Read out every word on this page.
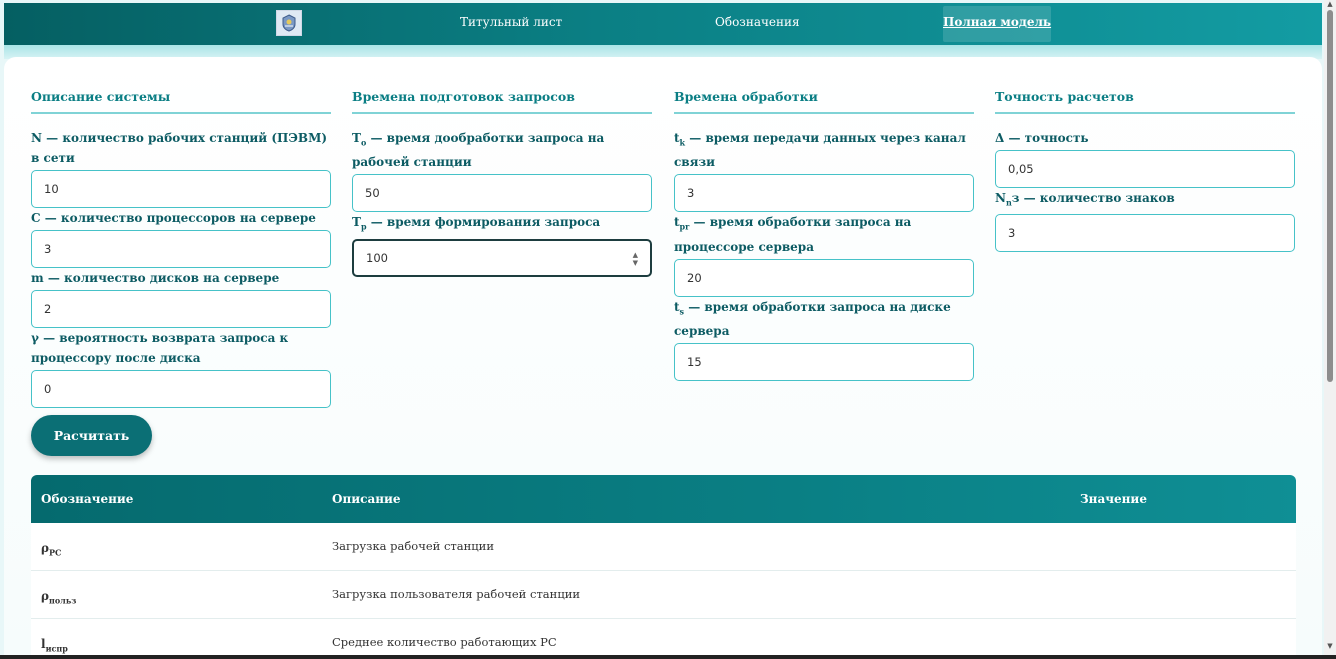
Титульный лист	Обозначения	Полная модель
Описание системы
N — количество рабочих станций (ПЭВМ) в сети
10
C — количество процессоров на сервере
3
m — количество дисков на сервере
2
γ — вероятность возврата запроса к процессору после диска
0
Времена подготовок запросов
$T_о$ — время дообработки запроса на рабочей станции
50
$T_р$ — время формирования запроса
100	▲
▼
Времена обработки
$t_k$ — время передачи данных через канал связи
3
$t_{pr}$ — время обработки запроса на процессоре сервера
20
$t_s$ — время обработки запроса на диске сервера
15
Точность расчетов
Δ — точность
0,05
$N_nз$ — количество знаков
3
Расчитать
Обозначение	Описание	Значение
$\rho_{PC}$	Загрузка рабочей станции
$\rho_{польз}$	Загрузка пользователя рабочей станции
$l_{испр}$	Среднее количество работающих PC
▲
▼
